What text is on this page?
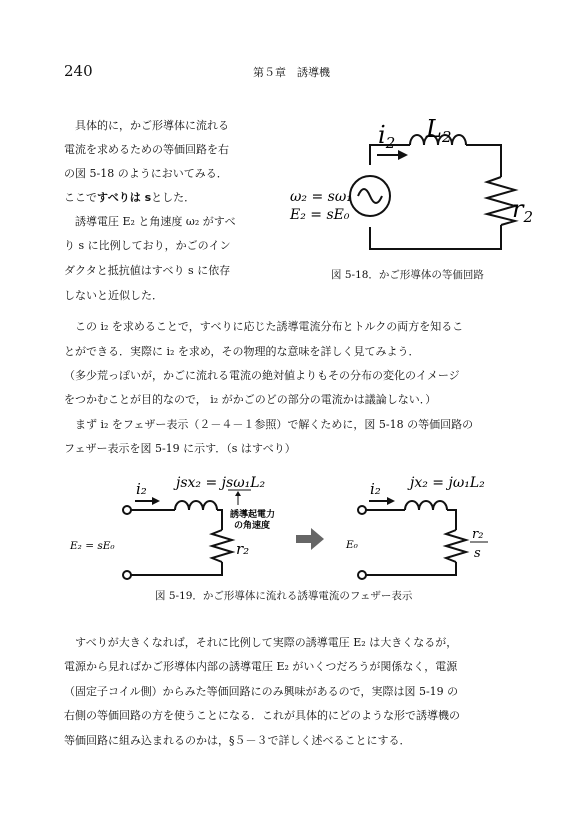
240	第５章　誘導機
　具体的に，かご形導体に流れる
電流を求めるための等価回路を右
の図 5-18 のようにおいてみる．
ここですべりは sとした．
　誘導電圧 E₂ と角速度 ω₂ がすべ
り s に比例しており，かごのイン
ダクタと抵抗値はすべり s に依存
しないと近似した．
$i_2$ $L_2$
$r_2$
ω₂ = sω₁
E₂ = sE₀
図 5-18．かご形導体の等価回路
　この i₂ を求めることで，すべりに応じた誘導電流分布とトルクの両方を知るこ
とができる．実際に i₂ を求め，その物理的な意味を詳しく見てみよう．
（多少荒っぽいが，かごに流れる電流の絶対値よりもその分布の変化のイメージ
をつかむことが目的なので， i₂ がかごのどの部分の電流かは議論しない．）
　まず i₂ をフェザー表示（２－４－１参照）で解くために，図 5-18 の等価回路の
フェザー表示を図 5-19 に示す．（s はすべり）
i₂ jsx₂ = jsω₁L₂
誘導起電力
の角速度
r₂
E₂ = sE₀
i₂ jx₂ = jω₁L₂
r₂
s
E₀
図 5-19．かご形導体に流れる誘導電流のフェザー表示
　すべりが大きくなれば，それに比例して実際の誘導電圧 E₂ は大きくなるが，
電源から見ればかご形導体内部の誘導電圧 E₂ がいくつだろうが関係なく，電源
（固定子コイル側）からみた等価回路にのみ興味があるので，実際は図 5-19 の
右側の等価回路の方を使うことになる．これが具体的にどのような形で誘導機の
等価回路に組み込まれるのかは，§５－３で詳しく述べることにする．
